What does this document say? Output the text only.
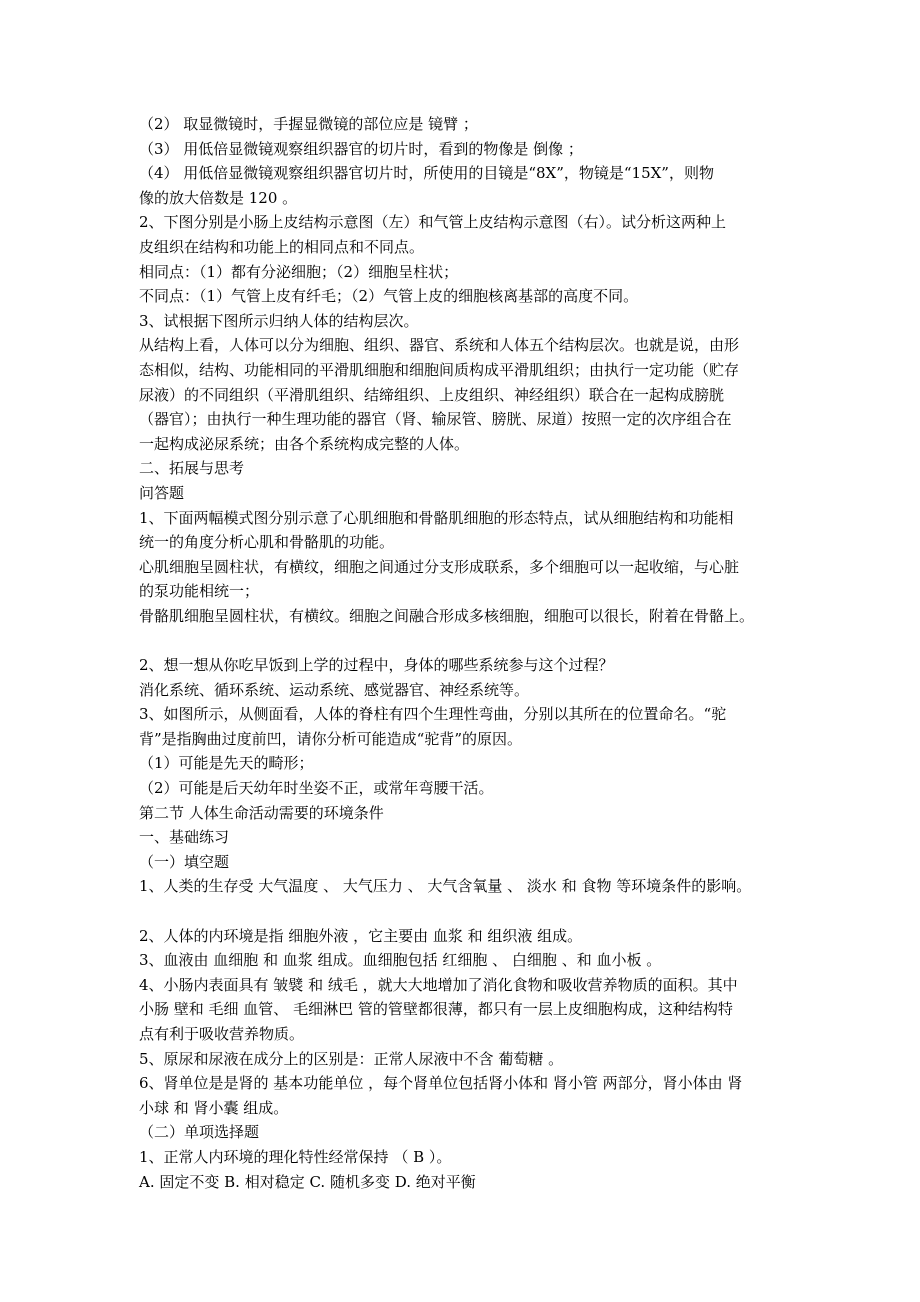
（2） 取显微镜时，手握显微镜的部位应是 镜臂 ；
（3） 用低倍显微镜观察组织器官的切片时，看到的物像是 倒像 ；
（4） 用低倍显微镜观察组织器官切片时，所使用的目镜是“8X”，物镜是“15X”，则物
像的放大倍数是 120 。
2、下图分别是小肠上皮结构示意图（左）和气管上皮结构示意图（右）。试分析这两种上
皮组织在结构和功能上的相同点和不同点。
相同点：（1）都有分泌细胞；（2）细胞呈柱状；
不同点：（1）气管上皮有纤毛；（2）气管上皮的细胞核离基部的高度不同。
3、试根据下图所示归纳人体的结构层次。
从结构上看，人体可以分为细胞、组织、器官、系统和人体五个结构层次。也就是说，由形
态相似，结构、功能相同的平滑肌细胞和细胞间质构成平滑肌组织；由执行一定功能（贮存
尿液）的不同组织（平滑肌组织、结缔组织、上皮组织、神经组织）联合在一起构成膀胱
（器官）；由执行一种生理功能的器官（肾、输尿管、膀胱、尿道）按照一定的次序组合在
一起构成泌尿系统；由各个系统构成完整的人体。
二、拓展与思考
问答题
1、下面两幅模式图分别示意了心肌细胞和骨骼肌细胞的形态特点，试从细胞结构和功能相
统一的角度分析心肌和骨骼肌的功能。
心肌细胞呈圆柱状，有横纹，细胞之间通过分支形成联系，多个细胞可以一起收缩，与心脏
的泵功能相统一；
骨骼肌细胞呈圆柱状，有横纹。细胞之间融合形成多核细胞，细胞可以很长，附着在骨骼上。
2、想一想从你吃早饭到上学的过程中，身体的哪些系统参与这个过程？
消化系统、循环系统、运动系统、感觉器官、神经系统等。
3、如图所示，从侧面看，人体的脊柱有四个生理性弯曲，分别以其所在的位置命名。“驼
背”是指胸曲过度前凹，请你分析可能造成“驼背”的原因。
（1）可能是先天的畸形；
（2）可能是后天幼年时坐姿不正，或常年弯腰干活。
第二节 人体生命活动需要的环境条件
一、基础练习
（一）填空题
1、人类的生存受 大气温度 、 大气压力 、 大气含氧量 、 淡水 和 食物 等环境条件的影响。
2、人体的内环境是指 细胞外液 ，它主要由 血浆 和 组织液 组成。
3、血液由 血细胞 和 血浆 组成。血细胞包括 红细胞 、 白细胞 、和 血小板 。
4、小肠内表面具有 皱襞 和 绒毛 ，就大大地增加了消化食物和吸收营养物质的面积。其中
小肠 壁和 毛细 血管、 毛细淋巴 管的管壁都很薄，都只有一层上皮细胞构成，这种结构特
点有利于吸收营养物质。
5、原尿和尿液在成分上的区别是：正常人尿液中不含 葡萄糖 。
6、肾单位是是肾的 基本功能单位 ，每个肾单位包括肾小体和 肾小管 两部分，肾小体由 肾
小球 和 肾小囊 组成。
（二）单项选择题
1、正常人内环境的理化特性经常保持 （ B ）。
A. 固定不变 B. 相对稳定 C. 随机多变 D. 绝对平衡
